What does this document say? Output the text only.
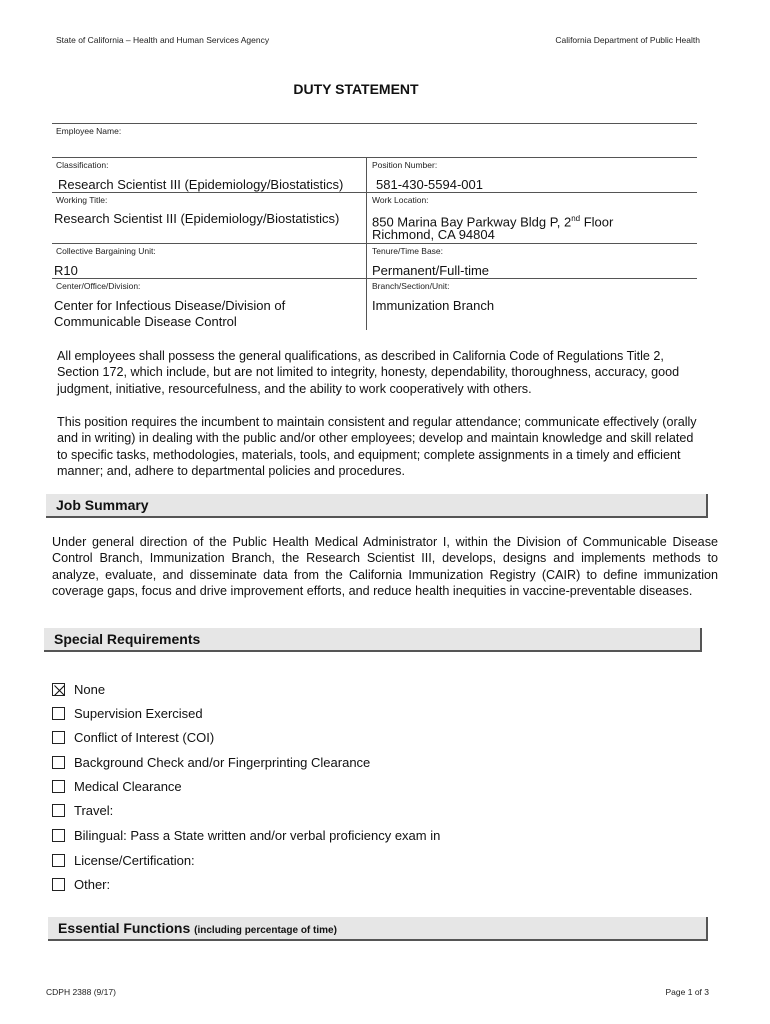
State of California – Health and Human Services Agency	California Department of Public Health
DUTY STATEMENT
Employee Name:
Classification:
Research Scientist III (Epidemiology/Biostatistics)
Position Number:
581-430-5594-001
Working Title:
Research Scientist III (Epidemiology/Biostatistics)
Work Location:
850 Marina Bay Parkway Bldg P, 2nd Floor
Richmond, CA 94804
Collective Bargaining Unit:
R10
Tenure/Time Base:
Permanent/Full-time
Center/Office/Division:
Center for Infectious Disease/Division of
Communicable Disease Control
Branch/Section/Unit:
Immunization Branch
All employees shall possess the general qualifications, as described in California Code of Regulations Title 2, Section 172, which include, but are not limited to integrity, honesty, dependability, thoroughness, accuracy, good judgment, initiative, resourcefulness, and the ability to work cooperatively with others.
This position requires the incumbent to maintain consistent and regular attendance; communicate effectively (orally and in writing) in dealing with the public and/or other employees; develop and maintain knowledge and skill related to specific tasks, methodologies, materials, tools, and equipment; complete assignments in a timely and efficient manner; and, adhere to departmental policies and procedures.
Job Summary
Under general direction of the Public Health Medical Administrator I, within the Division of Communicable Disease Control Branch, Immunization Branch, the Research Scientist III, develops, designs and implements methods to analyze, evaluate, and disseminate data from the California Immunization Registry (CAIR) to define immunization coverage gaps, focus and drive improvement efforts, and reduce health inequities in vaccine-preventable diseases.
Special Requirements
None
Supervision Exercised
Conflict of Interest (COI)
Background Check and/or Fingerprinting Clearance
Medical Clearance
Travel:
Bilingual: Pass a State written and/or verbal proficiency exam in
License/Certification:
Other:
Essential Functions (including percentage of time)
CDPH 2388 (9/17)	Page 1 of 3
